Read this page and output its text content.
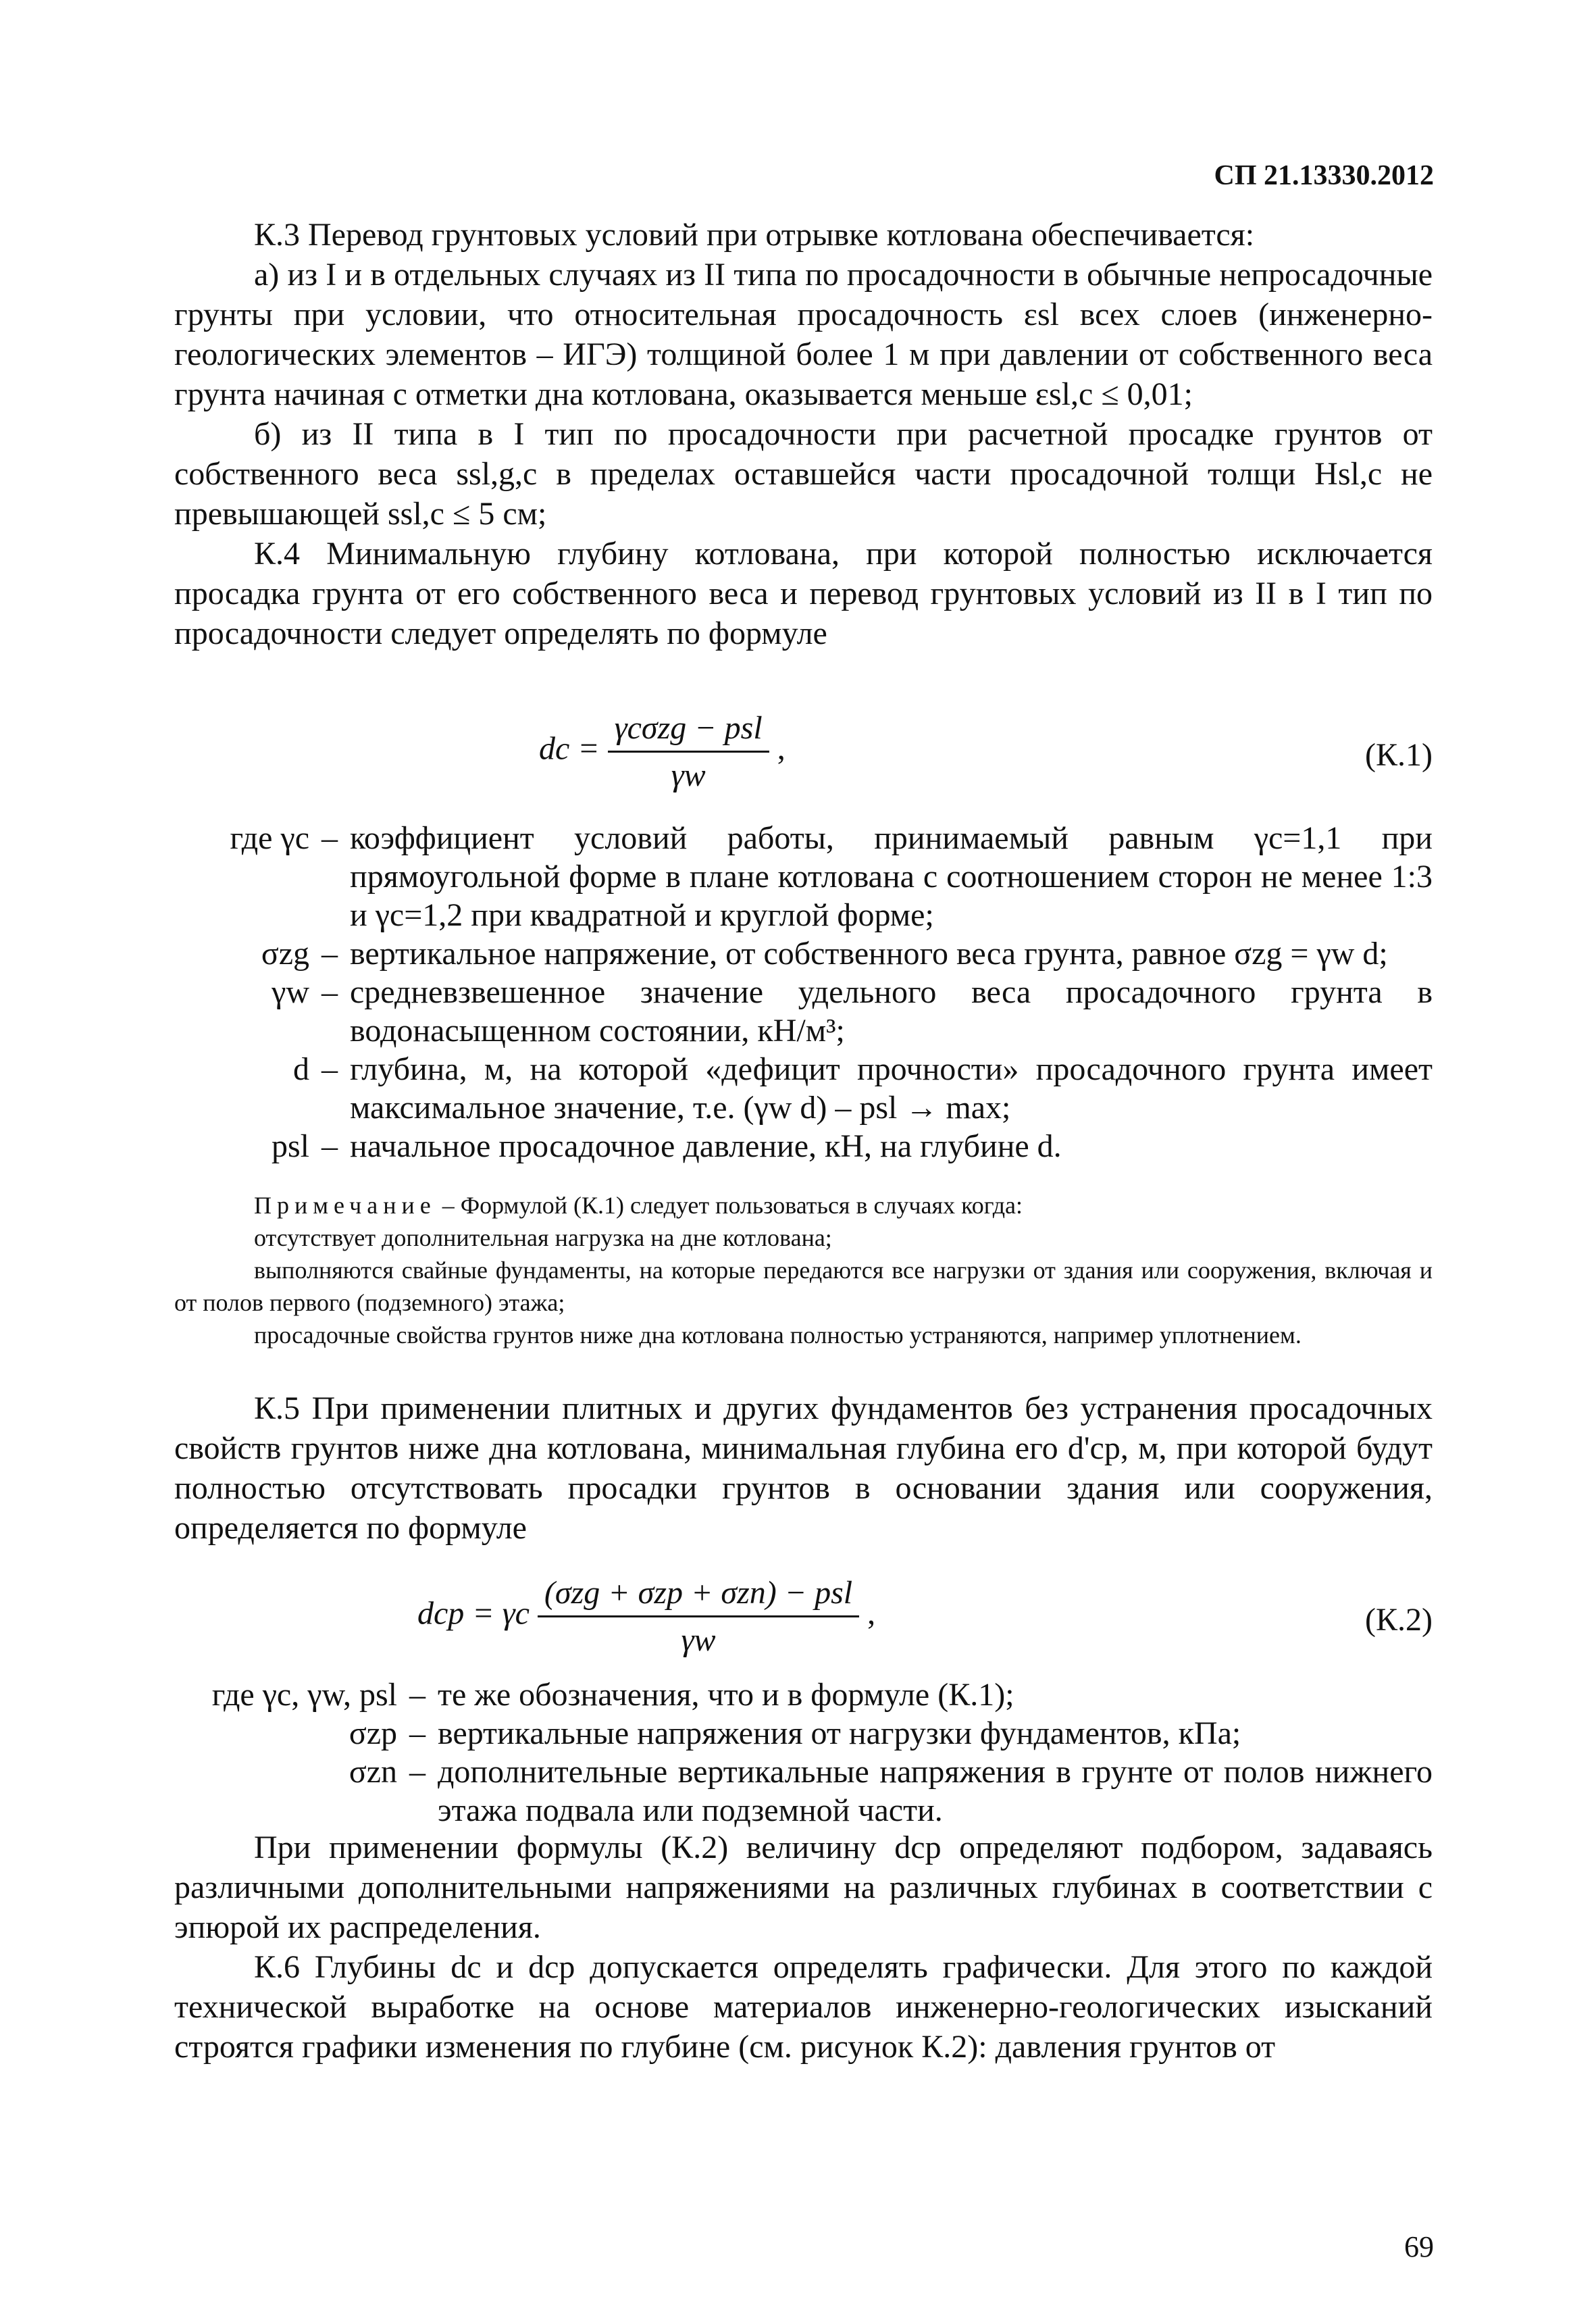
СП 21.13330.2012

К.3 Перевод грунтовых условий при отрывке котлована обеспечивается:

а) из I и в отдельных случаях из II типа по просадочности в обычные непросадочные грунты при условии, что относительная просадочность εsl всех слоев (инженерно-геологических элементов – ИГЭ) толщиной более 1 м при давлении от собственного веса грунта начиная с отметки дна котлована, оказывается меньше εsl,c ≤ 0,01;

б) из II типа в I тип по просадочности при расчетной просадке грунтов от собственного веса ssl,g,c в пределах оставшейся части просадочной толщи Hsl,c не превышающей ssl,c ≤ 5 см;

К.4 Минимальную глубину котлована, при которой полностью исключается просадка грунта от его собственного веса и перевод грунтовых условий из II в I тип по просадочности следует определять по формуле

dc = $\frac{\text{γcσzg − psl}}{\gamma w}$ ,	(К.1)
где γc – коэффициент условий работы, принимаемый равным γc=1,1 при прямоугольной форме в плане котлована с соотношением сторон не менее 1:3 и γc=1,2 при квадратной и круглой форме;
σzg – вертикальное напряжение, от собственного веса грунта, равное σzg = γw d;
γw – средневзвешенное значение удельного веса просадочного грунта в водонасыщенном состоянии, кН/м³;
d – глубина, м, на которой «дефицит прочности» просадочного грунта имеет максимальное значение, т.е. (γw d) – psl → max;
psl – начальное просадочное давление, кН, на глубине d.

Примечание – Формулой (К.1) следует пользоваться в случаях когда:

отсутствует дополнительная нагрузка на дне котлована;

выполняются свайные фундаменты, на которые передаются все нагрузки от здания или сооружения, включая и от полов первого (подземного) этажа;

просадочные свойства грунтов ниже дна котлована полностью устраняются, например уплотнением.

К.5 При применении плитных и других фундаментов без устранения просадочных свойств грунтов ниже дна котлована, минимальная глубина его d'cp, м, при которой будут полностью отсутствовать просадки грунтов в основании здания или сооружения, определяется по формуле

dcp = γc $\frac{\text{(σzg + σzp + σzn) − psl}}{\gamma w}$ ,	(К.2)
где γc, γw, psl – те же обозначения, что и в формуле (К.1);
σzp – вертикальные напряжения от нагрузки фундаментов, кПа;
σzn – дополнительные вертикальные напряжения в грунте от полов нижнего этажа подвала или подземной части.

При применении формулы (К.2) величину dcp определяют подбором, задаваясь различными дополнительными напряжениями на различных глубинах в соответствии с эпюрой их распределения.

К.6 Глубины dc и dcp допускается определять графически. Для этого по каждой технической выработке на основе материалов инженерно-геологических изысканий строятся графики изменения по глубине (см. рисунок К.2): давления грунтов от

69
